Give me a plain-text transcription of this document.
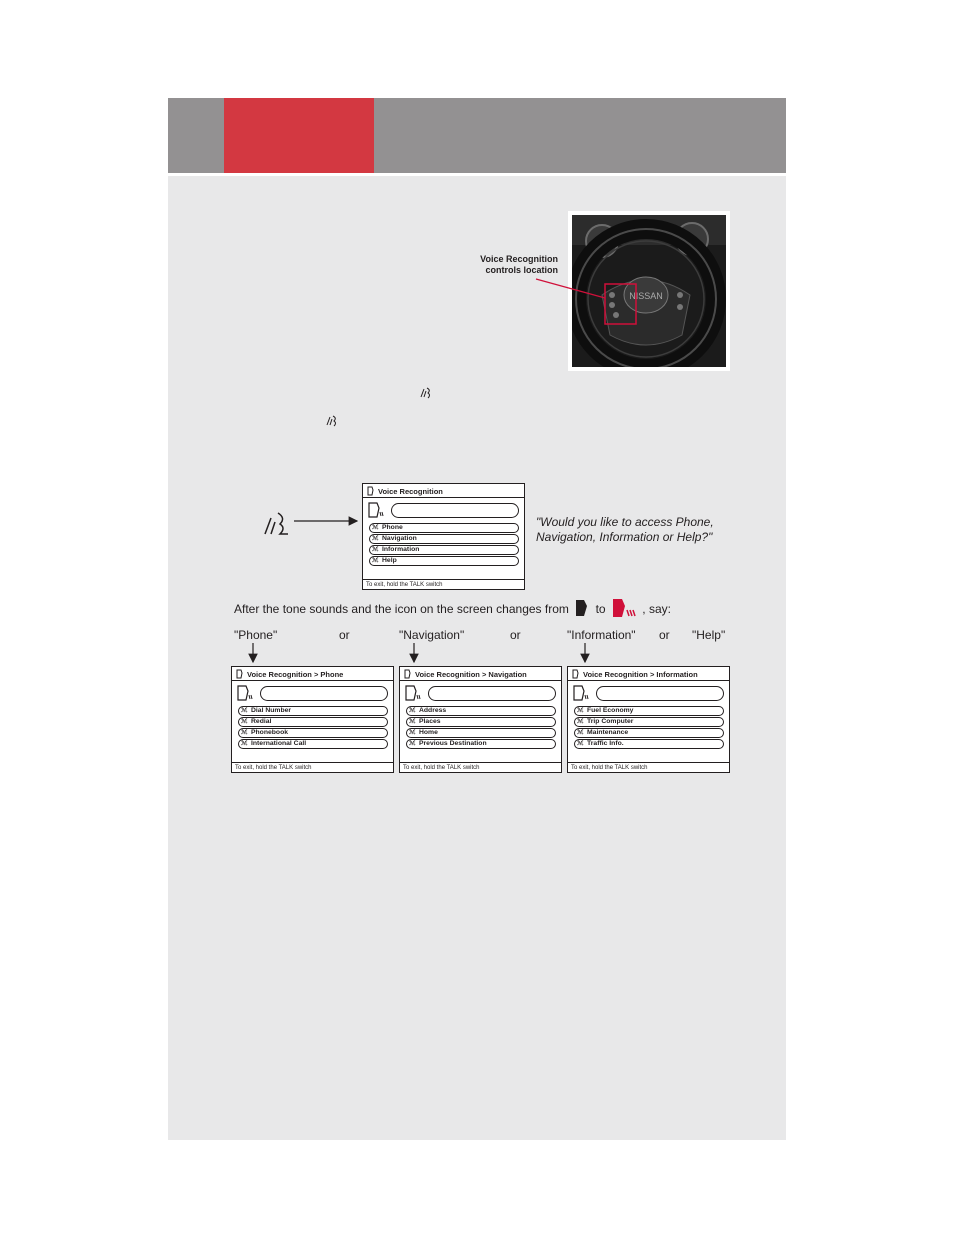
NISSAN
Voice Recognition
controls location
Voice Recognition
ℳ Phone
ℳ Navigation
ℳ Information
ℳ Help
To exit, hold the TALK switch
"Would you like to access Phone,
Navigation, Information or Help?"
After the tone sounds and the icon on the screen changes from to	, say:
"Phone"	or	"Navigation"	or	"Information" or "Help"
Voice Recognition > Phone
ℳ Dial Number
ℳ Redial
ℳ Phonebook
ℳ International Call
To exit, hold the TALK switch
Voice Recognition > Navigation
ℳ Address
ℳ Places
ℳ Home
ℳ Previous Destination
To exit, hold the TALK switch
Voice Recognition > Information
ℳ Fuel Economy
ℳ Trip Computer
ℳ Maintenance
ℳ Traffic Info.
To exit, hold the TALK switch
